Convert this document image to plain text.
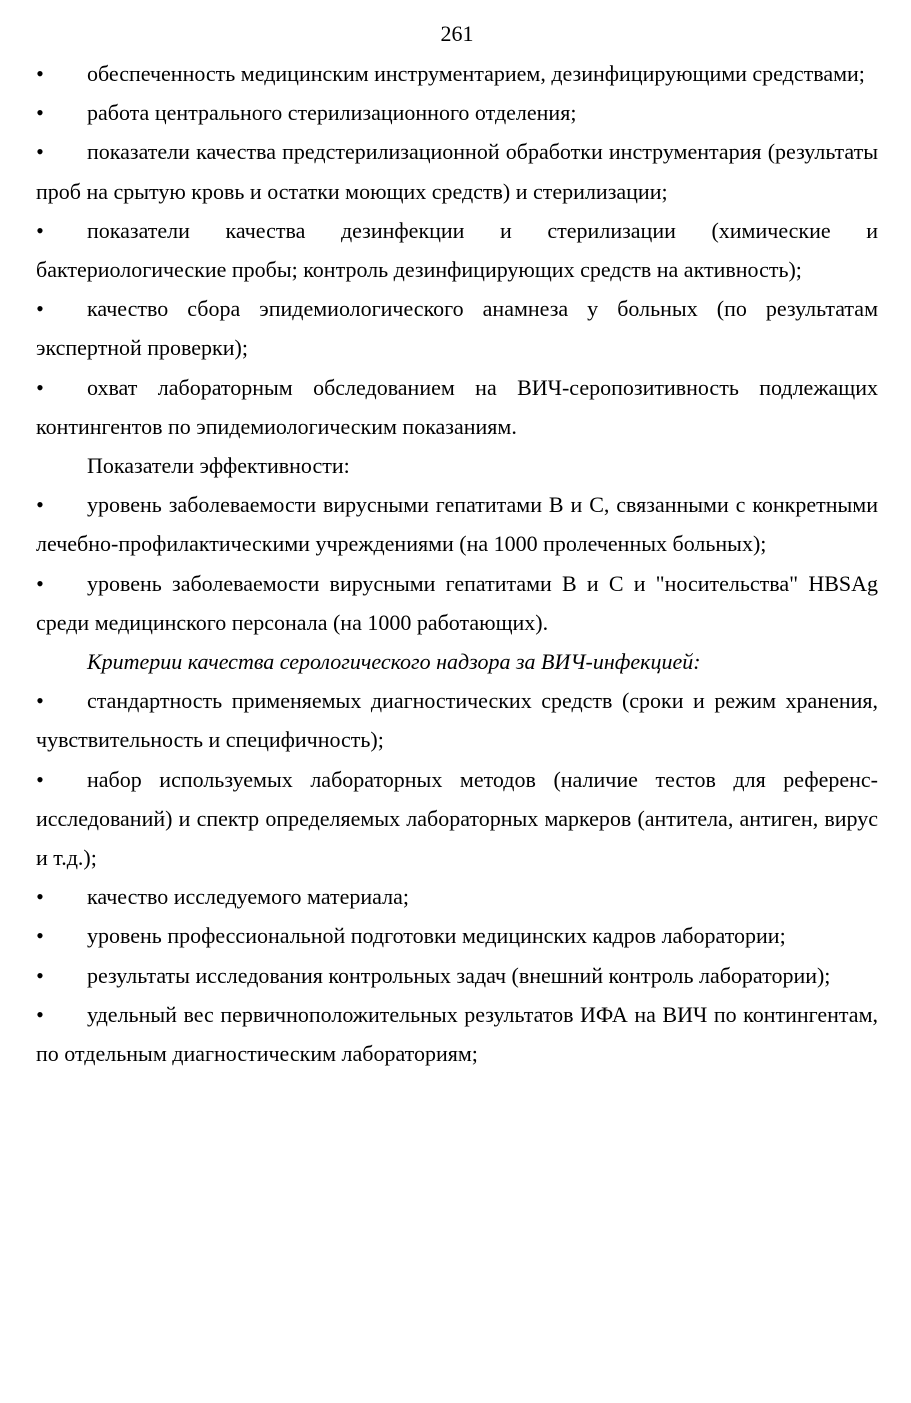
261

• обеспеченность медицинским инструментарием, дезинфицирующими средствами;

• работа центрального стерилизационного отделения;

• показатели качества предстерилизационной обработки инструментария (результаты проб на срытую кровь и остатки моющих средств) и стерилизации;

• показатели качества дезинфекции и стерилизации (химические и бактериологические пробы; контроль дезинфицирующих средств на активность);

• качество сбора эпидемиологического анамнеза у больных (по результатам экспертной проверки);

• охват лабораторным обследованием на ВИЧ-серопозитивность подлежащих контингентов по эпидемиологическим показаниям.

Показатели эффективности:

• уровень заболеваемости вирусными гепатитами В и С, связанными с конкретными лечебно-профилактическими учреждениями (на 1000 пролеченных больных);

• уровень заболеваемости вирусными гепатитами В и С и "носительства" HBSAg среди медицинского персонала (на 1000 работающих).

Критерии качества серологического надзора за ВИЧ-инфекцией:

• стандартность применяемых диагностических средств (сроки и режим хранения, чувствительность и специфичность);

• набор используемых лабораторных методов (наличие тестов для референс-исследований) и спектр определяемых лабораторных маркеров (антитела, антиген, вирус и т.д.);

• качество исследуемого материала;

• уровень профессиональной подготовки медицинских кадров лаборатории;

• результаты исследования контрольных задач (внешний контроль лаборатории);

• удельный вес первичноположительных результатов ИФА на ВИЧ по контингентам, по отдельным диагностическим лабораториям;
